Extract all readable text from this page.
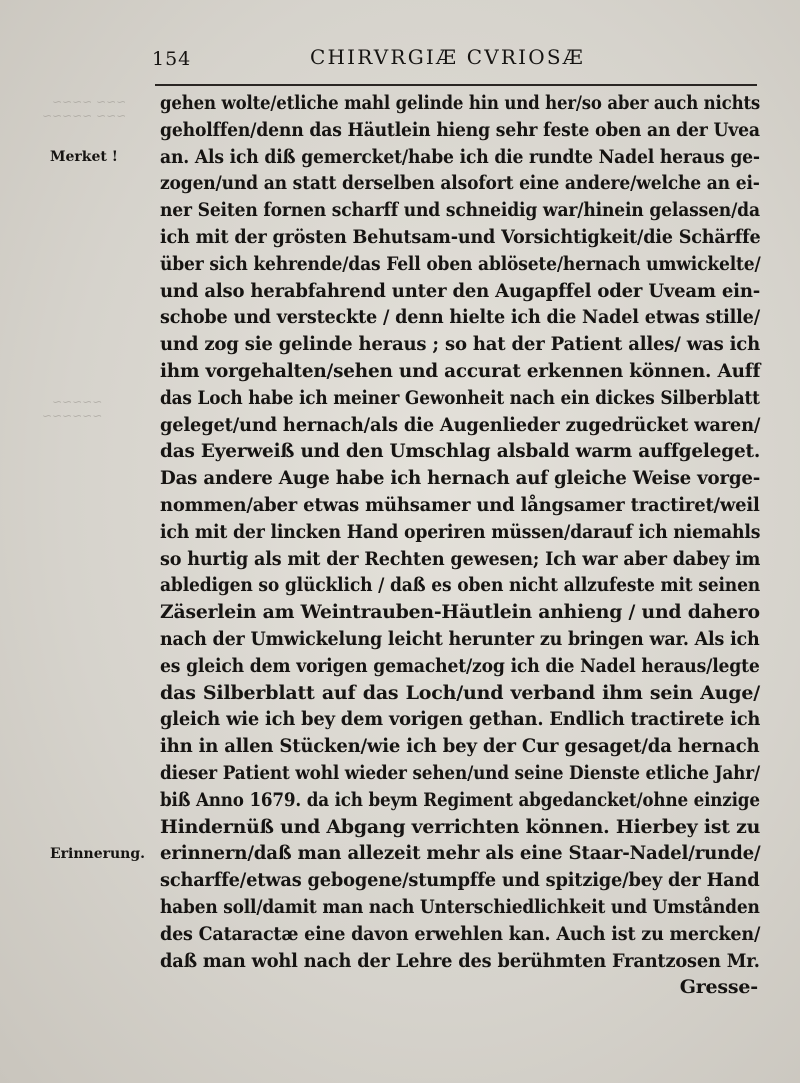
~~~ ~~~~
~~~ ~~~~~
~~~~~
~~~~~~
154	CHIRVRGIÆ CVRIOSÆ
Merket !
Erinnerung.
gehen wolte/etliche mahl gelinde hin und her/so aber auch nichts
geholffen/denn das Häutlein hieng sehr feste oben an der Uvea
an. Als ich diß gemercket/habe ich die rundte Nadel heraus ge-
zogen/und an statt derselben alsofort eine andere/welche an ei-
ner Seiten fornen scharff und schneidig war/hinein gelassen/da
ich mit der grösten Behutsam-und Vorsichtigkeit/die Schärffe
über sich kehrende/das Fell oben ablösete/hernach umwickelte/
und also herabfahrend unter den Augapffel oder Uveam ein-
schobe und versteckte / denn hielte ich die Nadel etwas stille/
und zog sie gelinde heraus ; so hat der Patient alles/ was ich
ihm vorgehalten/sehen und accurat erkennen können. Auff
das Loch habe ich meiner Gewonheit nach ein dickes Silberblatt
geleget/und hernach/als die Augenlieder zugedrücket waren/
das Eyerweiß und den Umschlag alsbald warm auffgeleget.
Das andere Auge habe ich hernach auf gleiche Weise vorge-
nommen/aber etwas mühsamer und långsamer tractiret/weil
ich mit der lincken Hand operiren müssen/darauf ich niemahls
so hurtig als mit der Rechten gewesen; Ich war aber dabey im
abledigen so glücklich / daß es oben nicht allzufeste mit seinen
Zäserlein am Weintrauben-Häutlein anhieng / und dahero
nach der Umwickelung leicht herunter zu bringen war. Als ich
es gleich dem vorigen gemachet/zog ich die Nadel heraus/legte
das Silberblatt auf das Loch/und verband ihm sein Auge/
gleich wie ich bey dem vorigen gethan. Endlich tractirete ich
ihn in allen Stücken/wie ich bey der Cur gesaget/da hernach
dieser Patient wohl wieder sehen/und seine Dienste etliche Jahr/
biß Anno 1679. da ich beym Regiment abgedancket/ohne einzige
Hindernüß und Abgang verrichten können. Hierbey ist zu
erinnern/daß man allezeit mehr als eine Staar-Nadel/runde/
scharffe/etwas gebogene/stumpffe und spitzige/bey der Hand
haben soll/damit man nach Unterschiedlichkeit und Umstånden
des Cataractæ eine davon erwehlen kan. Auch ist zu mercken/
daß man wohl nach der Lehre des berühmten Frantzosen Mr.
Gresse-
